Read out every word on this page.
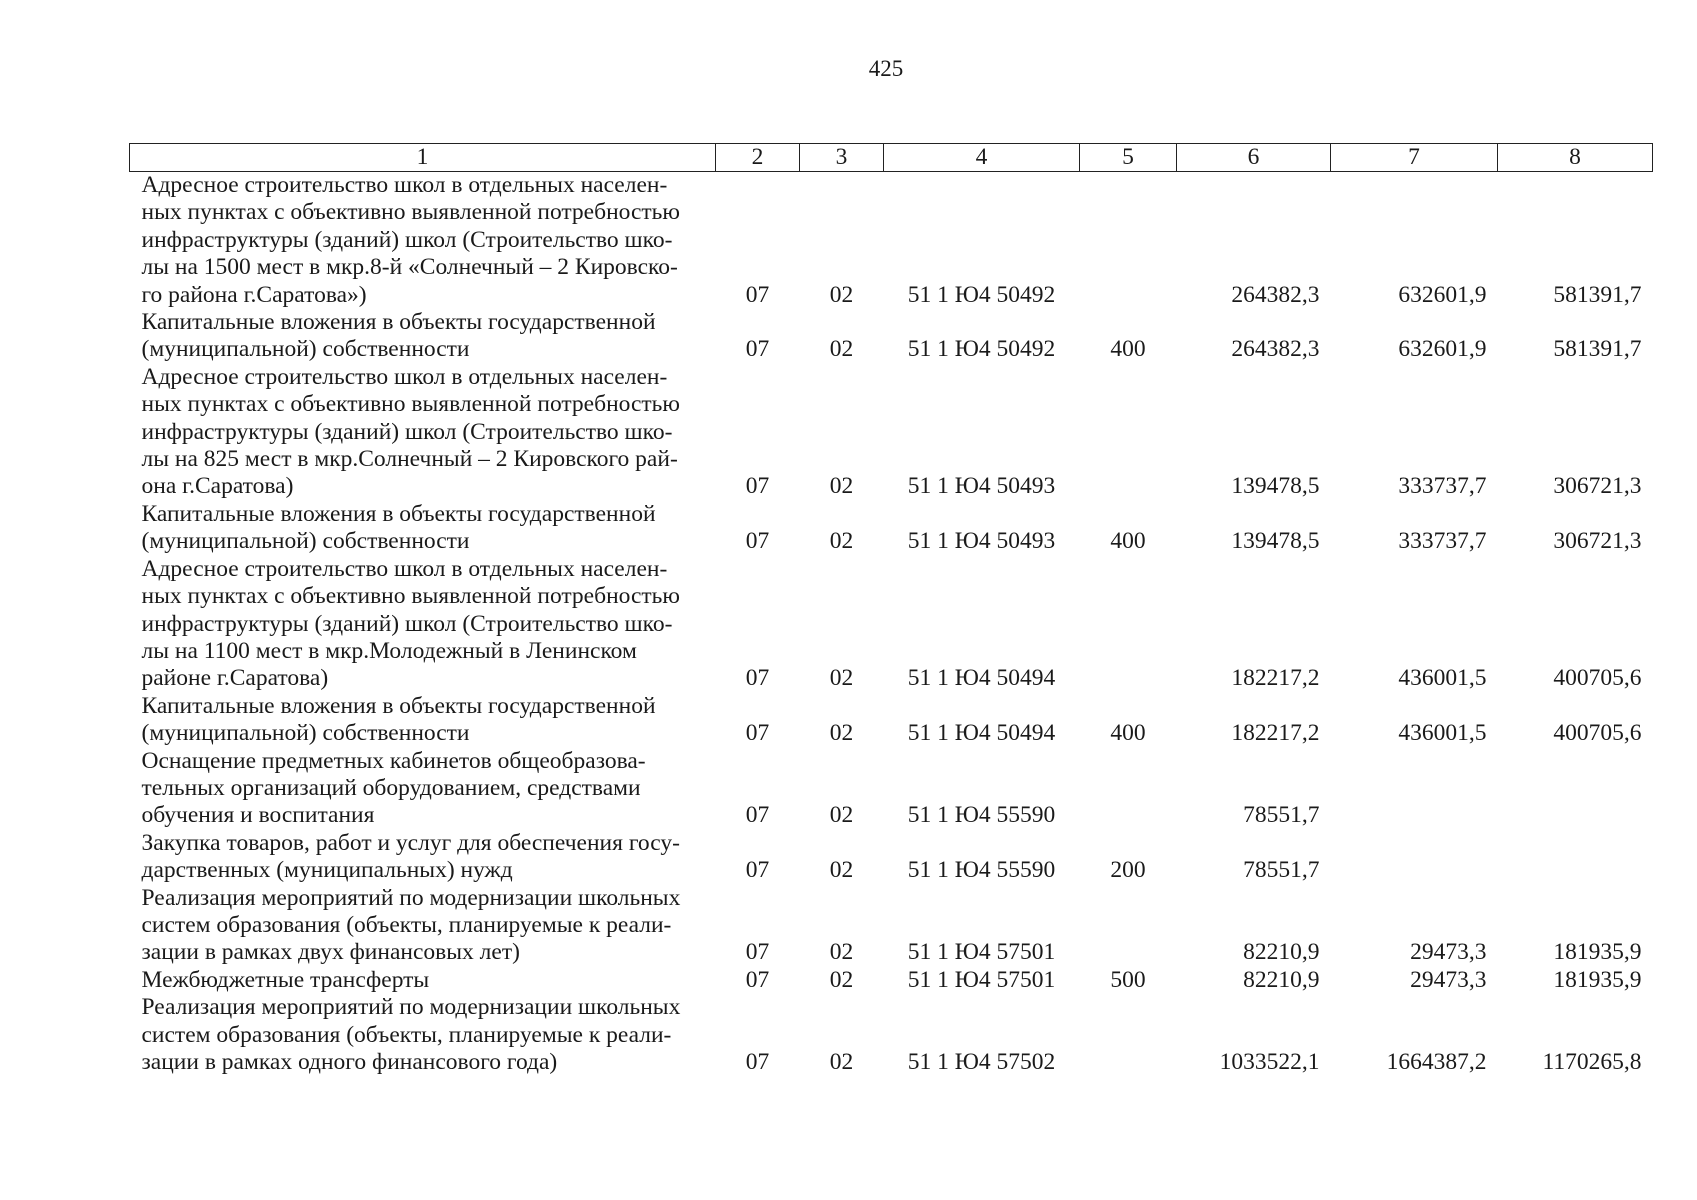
425
1	2	3	4	5	6	7	8

Адресное строительство школ в отдельных населен-
ных пунктах с объективно выявленной потребностью
инфраструктуры (зданий) школ (Строительство шко-
лы на 1500 мест в мкр.8-й «Солнечный – 2 Кировско-
го района г.Саратова»)	07	02	51 1 Ю4 50492		264382,3	632601,9	581391,7

Капитальные вложения в объекты государственной
(муниципальной) собственности	07	02	51 1 Ю4 50492	400	264382,3	632601,9	581391,7

Адресное строительство школ в отдельных населен-
ных пунктах с объективно выявленной потребностью
инфраструктуры (зданий) школ (Строительство шко-
лы на 825 мест в мкр.Солнечный – 2 Кировского рай-
она г.Саратова)	07	02	51 1 Ю4 50493		139478,5	333737,7	306721,3

Капитальные вложения в объекты государственной
(муниципальной) собственности	07	02	51 1 Ю4 50493	400	139478,5	333737,7	306721,3

Адресное строительство школ в отдельных населен-
ных пунктах с объективно выявленной потребностью
инфраструктуры (зданий) школ (Строительство шко-
лы на 1100 мест в мкр.Молодежный в Ленинском
районе г.Саратова)	07	02	51 1 Ю4 50494		182217,2	436001,5	400705,6

Капитальные вложения в объекты государственной
(муниципальной) собственности	07	02	51 1 Ю4 50494	400	182217,2	436001,5	400705,6

Оснащение предметных кабинетов общеобразова-
тельных организаций оборудованием, средствами
обучения и воспитания	07	02	51 1 Ю4 55590		78551,7		

Закупка товаров, работ и услуг для обеспечения госу-
дарственных (муниципальных) нужд	07	02	51 1 Ю4 55590	200	78551,7		

Реализация мероприятий по модернизации школьных
систем образования (объекты, планируемые к реали-
зации в рамках двух финансовых лет)	07	02	51 1 Ю4 57501		82210,9	29473,3	181935,9

Межбюджетные трансферты	07	02	51 1 Ю4 57501	500	82210,9	29473,3	181935,9

Реализация мероприятий по модернизации школьных
систем образования (объекты, планируемые к реали-
зации в рамках одного финансового года)	07	02	51 1 Ю4 57502		1033522,1	1664387,2	1170265,8
